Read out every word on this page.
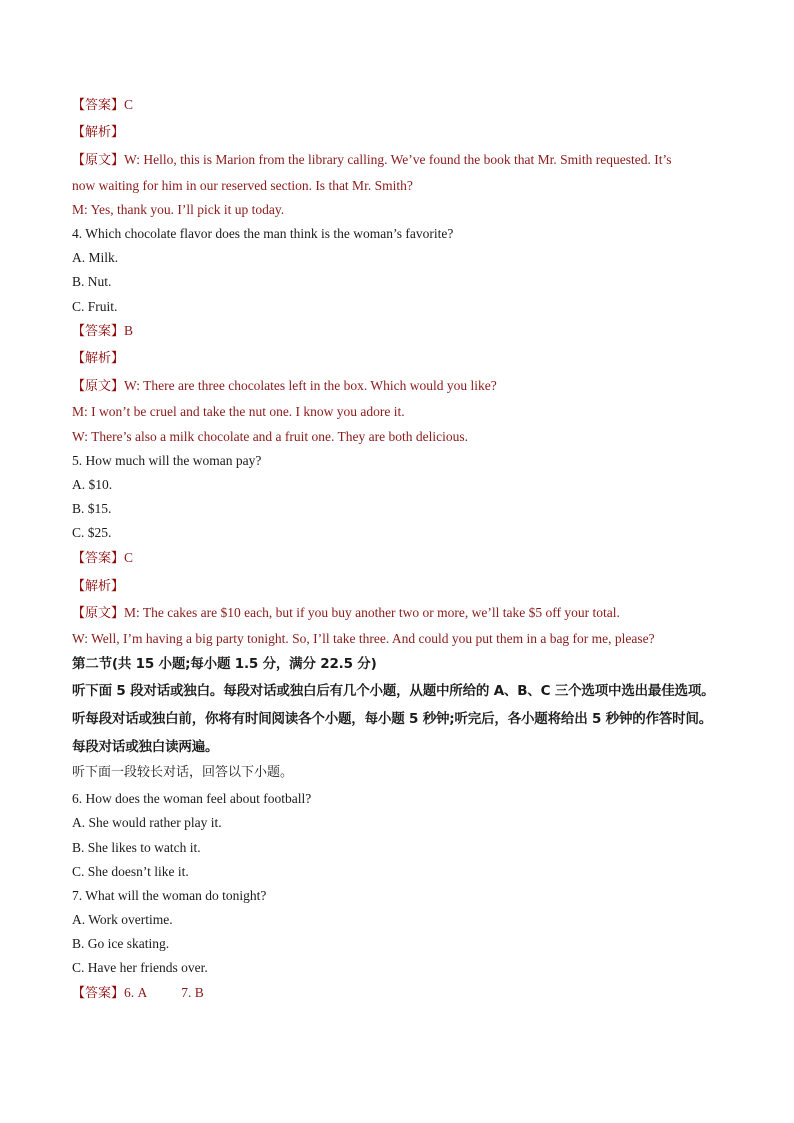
【答案】C
【解析】
【原文】W: Hello, this is Marion from the library calling. We’ve found the book that Mr. Smith requested. It’s
now waiting for him in our reserved section. Is that Mr. Smith?
M: Yes, thank you. I’ll pick it up today.
4. Which chocolate flavor does the man think is the woman’s favorite?
A. Milk.
B. Nut.
C. Fruit.
【答案】B
【解析】
【原文】W: There are three chocolates left in the box. Which would you like?
M: I won’t be cruel and take the nut one. I know you adore it.
W: There’s also a milk chocolate and a fruit one. They are both delicious.
5. How much will the woman pay?
A. $10.
B. $15.
C. $25.
【答案】C
【解析】
【原文】M: The cakes are $10 each, but if you buy another two or more, we’ll take $5 off your total.
W: Well, I’m having a big party tonight. So, I’ll take three. And could you put them in a bag for me, please?
第二节(共 15 小题;每小题 1.5 分，满分 22.5 分)
听下面 5 段对话或独白。每段对话或独白后有几个小题，从题中所给的 A、B、C 三个选项中选出最佳选项。
听每段对话或独白前，你将有时间阅读各个小题，每小题 5 秒钟;听完后，各小题将给出 5 秒钟的作答时间。
每段对话或独白读两遍。
听下面一段较长对话，回答以下小题。
6. How does the woman feel about football?
A. She would rather play it.
B. She likes to watch it.
C. She doesn’t like it.
7. What will the woman do tonight?
A. Work overtime.
B. Go ice skating.
C. Have her friends over.
【答案】6. A	7. B
